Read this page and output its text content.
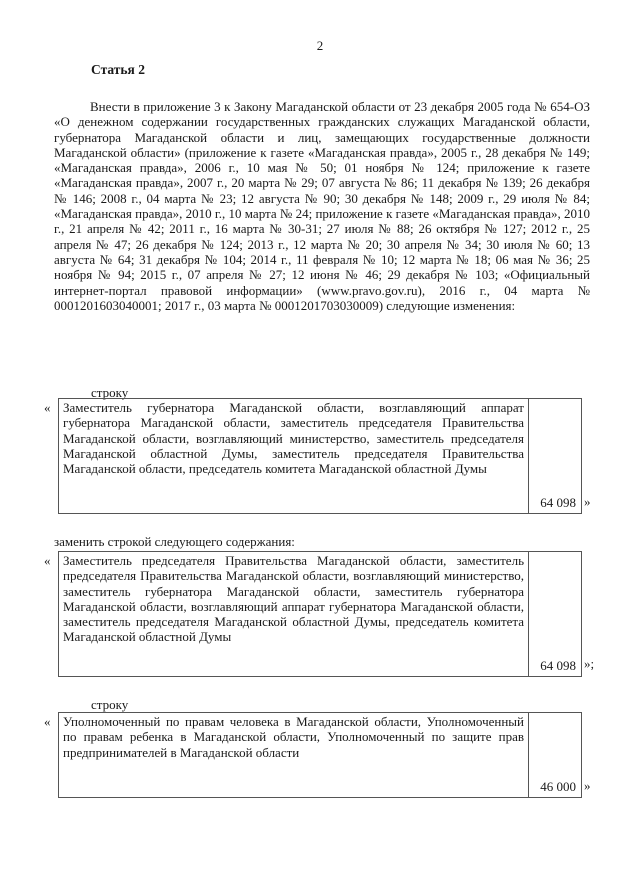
2
Статья 2

Внести в приложение 3 к Закону Магаданской области от 23 декабря 2005 года № 654-ОЗ «О денежном содержании государственных гражданских служащих Магаданской области, губернатора Магаданской области и лиц, замещающих государственные должности Магаданской области» (приложение к газете «Магаданская правда», 2005 г., 28 декабря № 149; «Магаданская правда», 2006 г., 10 мая № 50; 01 ноября № 124; приложение к газете «Магаданская правда», 2007 г., 20 марта № 29; 07 августа № 86; 11 декабря № 139; 26 декабря № 146; 2008 г., 04 марта № 23; 12 августа № 90; 30 декабря № 148; 2009 г., 29 июля № 84; «Магаданская правда», 2010 г., 10 марта № 24; приложение к газете «Магаданская правда», 2010 г., 21 апреля № 42; 2011 г., 16 марта № 30-31; 27 июля № 88; 26 октября № 127; 2012 г., 25 апреля № 47; 26 декабря № 124; 2013 г., 12 марта № 20; 30 апреля № 34; 30 июля № 60; 13 августа № 64; 31 декабря № 104; 2014 г., 11 февраля № 10; 12 марта № 18; 06 мая № 36; 25 ноября № 94; 2015 г., 07 апреля № 27; 12 июня № 46; 29 декабря № 103; «Официальный интернет-портал правовой информации» (www.pravo.gov.ru), 2016 г., 04 марта № 0001201603040001; 2017 г., 03 марта № 0001201703030009) следующие изменения:

строку
« Заместитель губернатора Магаданской области, возглавляющий аппарат губернатора Магаданской области, заместитель председателя Правительства Магаданской области, возглавляющий министерство, заместитель председателя Магаданской областной Думы, заместитель председателя Правительства Магаданской области, председатель комитета Магаданской областной Думы
64 098 »
заменить строкой следующего содержания:
« Заместитель председателя Правительства Магаданской области, заместитель председателя Правительства Магаданской области, возглавляющий министерство, заместитель губернатора Магаданской области, заместитель губернатора Магаданской области, возглавляющий аппарат губернатора Магаданской области, заместитель председателя Магаданской областной Думы, председатель комитета Магаданской областной Думы
64 098 »;
строку
« Уполномоченный по правам человека в Магаданской области, Уполномоченный по правам ребенка в Магаданской области, Уполномоченный по защите прав предпринимателей в Магаданской области
46 000 »
